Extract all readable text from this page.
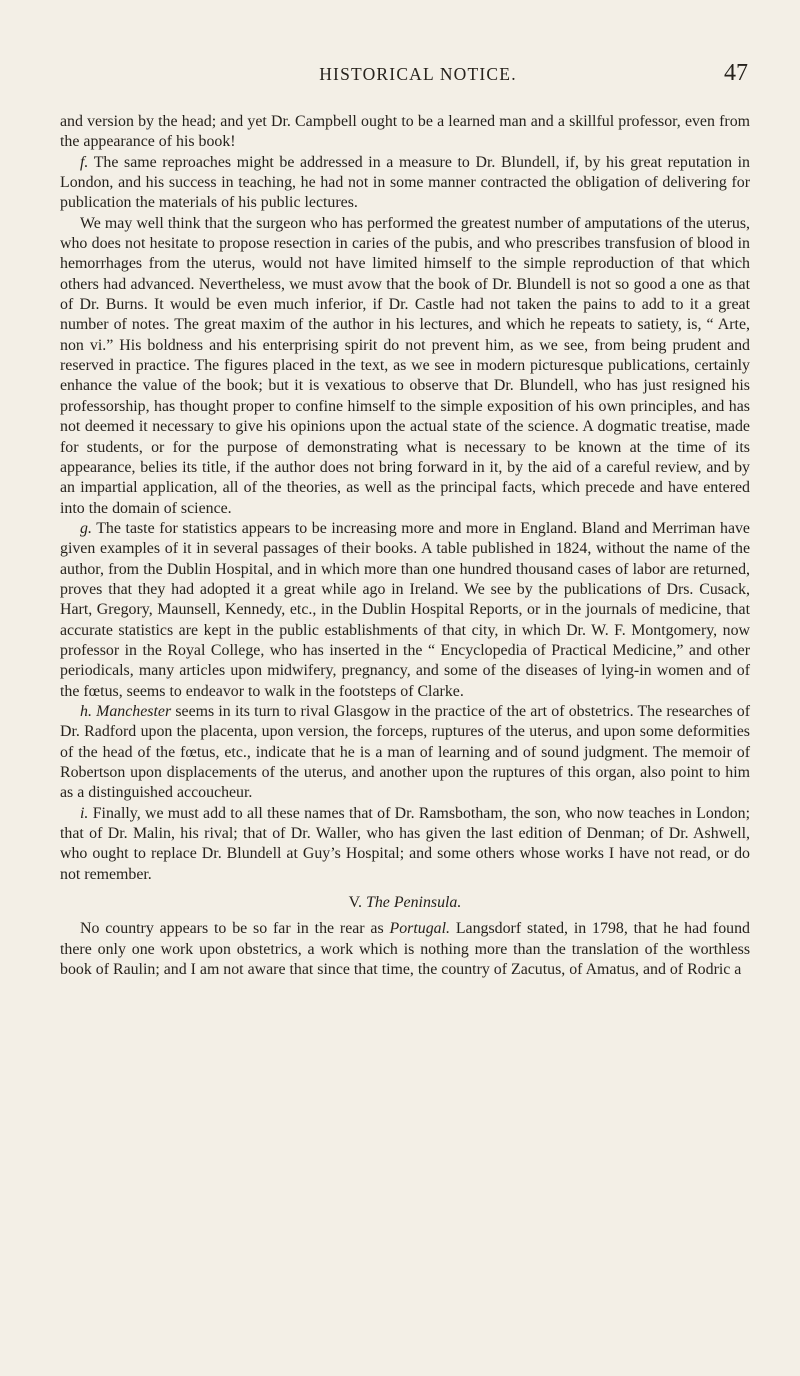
HISTORICAL NOTICE.	47

and version by the head; and yet Dr. Campbell ought to be a learned man and a skillful professor, even from the appearance of his book!

f. The same reproaches might be addressed in a measure to Dr. Blundell, if, by his great reputation in London, and his success in teaching, he had not in some manner contracted the obligation of delivering for publication the materials of his public lectures.

We may well think that the surgeon who has performed the greatest number of amputations of the uterus, who does not hesitate to propose resection in caries of the pubis, and who prescribes transfusion of blood in hemorrhages from the uterus, would not have limited himself to the simple reproduction of that which others had advanced. Nevertheless, we must avow that the book of Dr. Blundell is not so good a one as that of Dr. Burns. It would be even much inferior, if Dr. Castle had not taken the pains to add to it a great number of notes. The great maxim of the author in his lectures, and which he repeats to satiety, is, “ Arte, non vi.” His boldness and his enterprising spirit do not prevent him, as we see, from being prudent and reserved in practice. The figures placed in the text, as we see in modern picturesque publications, certainly enhance the value of the book; but it is vexatious to observe that Dr. Blundell, who has just resigned his professorship, has thought proper to confine himself to the simple exposition of his own principles, and has not deemed it necessary to give his opinions upon the actual state of the science. A dogmatic treatise, made for students, or for the purpose of demonstrating what is necessary to be known at the time of its appearance, belies its title, if the author does not bring forward in it, by the aid of a careful review, and by an impartial application, all of the theories, as well as the principal facts, which precede and have entered into the domain of science.

g. The taste for statistics appears to be increasing more and more in England. Bland and Merriman have given examples of it in several passages of their books. A table published in 1824, without the name of the author, from the Dublin Hospital, and in which more than one hundred thousand cases of labor are returned, proves that they had adopted it a great while ago in Ireland. We see by the publications of Drs. Cusack, Hart, Gregory, Maunsell, Kennedy, etc., in the Dublin Hospital Reports, or in the journals of medicine, that accurate statistics are kept in the public establishments of that city, in which Dr. W. F. Montgomery, now professor in the Royal College, who has inserted in the “ Encyclopedia of Practical Medicine,” and other periodicals, many articles upon midwifery, pregnancy, and some of the diseases of lying-in women and of the fœtus, seems to endeavor to walk in the footsteps of Clarke.

h. Manchester seems in its turn to rival Glasgow in the practice of the art of obstetrics. The researches of Dr. Radford upon the placenta, upon version, the forceps, ruptures of the uterus, and upon some deformities of the head of the fœtus, etc., indicate that he is a man of learning and of sound judgment. The memoir of Robertson upon displacements of the uterus, and another upon the ruptures of this organ, also point to him as a distinguished accoucheur.

i. Finally, we must add to all these names that of Dr. Ramsbotham, the son, who now teaches in London; that of Dr. Malin, his rival; that of Dr. Waller, who has given the last edition of Denman; of Dr. Ashwell, who ought to replace Dr. Blundell at Guy’s Hospital; and some others whose works I have not read, or do not remember.

V. The Peninsula.

No country appears to be so far in the rear as Portugal. Langsdorf stated, in 1798, that he had found there only one work upon obstetrics, a work which is nothing more than the translation of the worthless book of Raulin; and I am not aware that since that time, the country of Zacutus, of Amatus, and of Rodric a
